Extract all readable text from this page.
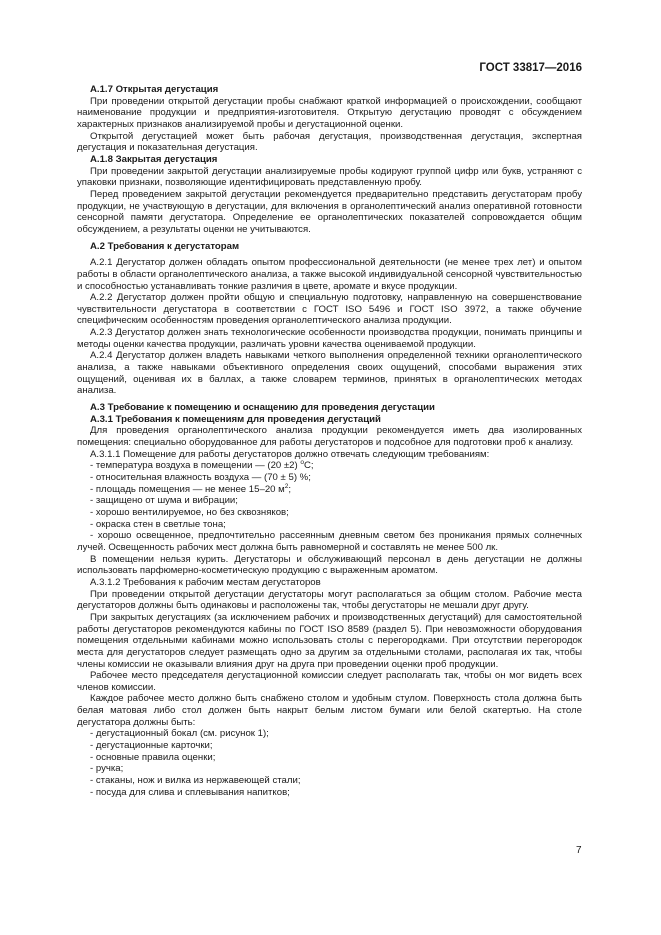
ГОСТ 33817—2016

А.1.7 Открытая дегустация

При проведении открытой дегустации пробы снабжают краткой информацией о происхождении, сообщают наименование продукции и предприятия-изготовителя. Открытую дегустацию проводят с обсуждением характерных признаков анализируемой пробы и дегустационной оценки.

Открытой дегустацией может быть рабочая дегустация, производственная дегустация, экспертная дегустация и показательная дегустация.

А.1.8 Закрытая дегустация

При проведении закрытой дегустации анализируемые пробы кодируют группой цифр или букв, устраняют с упаковки признаки, позволяющие идентифицировать представленную пробу.

Перед проведением закрытой дегустации рекомендуется предварительно представить дегустаторам пробу продукции, не участвующую в дегустации, для включения в органолептический анализ оперативной готовности сенсорной памяти дегустатора. Определение ее органолептических показателей сопровождается общим обсуждением, а результаты оценки не учитываются.

А.2 Требования к дегустаторам

А.2.1 Дегустатор должен обладать опытом профессиональной деятельности (не менее трех лет) и опытом работы в области органолептического анализа, а также высокой индивидуальной сенсорной чувствительностью и способностью устанавливать тонкие различия в цвете, аромате и вкусе продукции.

А.2.2 Дегустатор должен пройти общую и специальную подготовку, направленную на совершенствование чувствительности дегустатора в соответствии с ГОСТ ISO 5496 и ГОСТ ISO 3972, а также обучение специфическим особенностям проведения органолептического анализа продукции.

А.2.3 Дегустатор должен знать технологические особенности производства продукции, понимать принципы и методы оценки качества продукции, различать уровни качества оцениваемой продукции.

А.2.4 Дегустатор должен владеть навыками четкого выполнения определенной техники органолептического анализа, а также навыками объективного определения своих ощущений, способами выражения этих ощущений, оценивая их в баллах, а также словарем терминов, принятых в органолептических методах анализа.

А.3 Требование к помещению и оснащению для проведения дегустации

А.3.1 Требования к помещениям для проведения дегустаций

Для проведения органолептического анализа продукции рекомендуется иметь два изолированных помещения: специально оборудованное для работы дегустаторов и подсобное для подготовки проб к анализу.

А.3.1.1 Помещение для работы дегустаторов должно отвечать следующим требованиям:

- температура воздуха в помещении — (20 ±2) $^о$С;

- относительная влажность воздуха — (70 ± 5) %;

- площадь помещения — не менее 15–20 $м^2$;

- защищено от шума и вибрации;

- хорошо вентилируемое, но без сквозняков;

- окраска стен в светлые тона;

- хорошо освещенное, предпочтительно рассеянным дневным светом без проникания прямых солнечных лучей. Освещенность рабочих мест должна быть равномерной и составлять не менее 500 лк.

В помещении нельзя курить. Дегустаторы и обслуживающий персонал в день дегустации не должны использовать парфюмерно-косметическую продукцию с выраженным ароматом.

А.3.1.2 Требования к рабочим местам дегустаторов

При проведении открытой дегустации дегустаторы могут располагаться за общим столом. Рабочие места дегустаторов должны быть одинаковы и расположены так, чтобы дегустаторы не мешали друг другу.

При закрытых дегустациях (за исключением рабочих и производственных дегустаций) для самостоятельной работы дегустаторов рекомендуются кабины по ГОСТ ISO 8589 (раздел 5). При невозможности оборудования помещения отдельными кабинами можно использовать столы с перегородками. При отсутствии перегородок места для дегустаторов следует размещать одно за другим за отдельными столами, располагая их так, чтобы члены комиссии не оказывали влияния друг на друга при проведении оценки проб продукции.

Рабочее место председателя дегустационной комиссии следует располагать так, чтобы он мог видеть всех членов комиссии.

Каждое рабочее место должно быть снабжено столом и удобным стулом. Поверхность стола должна быть белая матовая либо стол должен быть накрыт белым листом бумаги или белой скатертью. На столе дегустатора должны быть:

- дегустационный бокал (см. рисунок 1);

- дегустационные карточки;

- основные правила оценки;

- ручка;

- стаканы, нож и вилка из нержавеющей стали;

- посуда для слива и сплевывания напитков;

7
